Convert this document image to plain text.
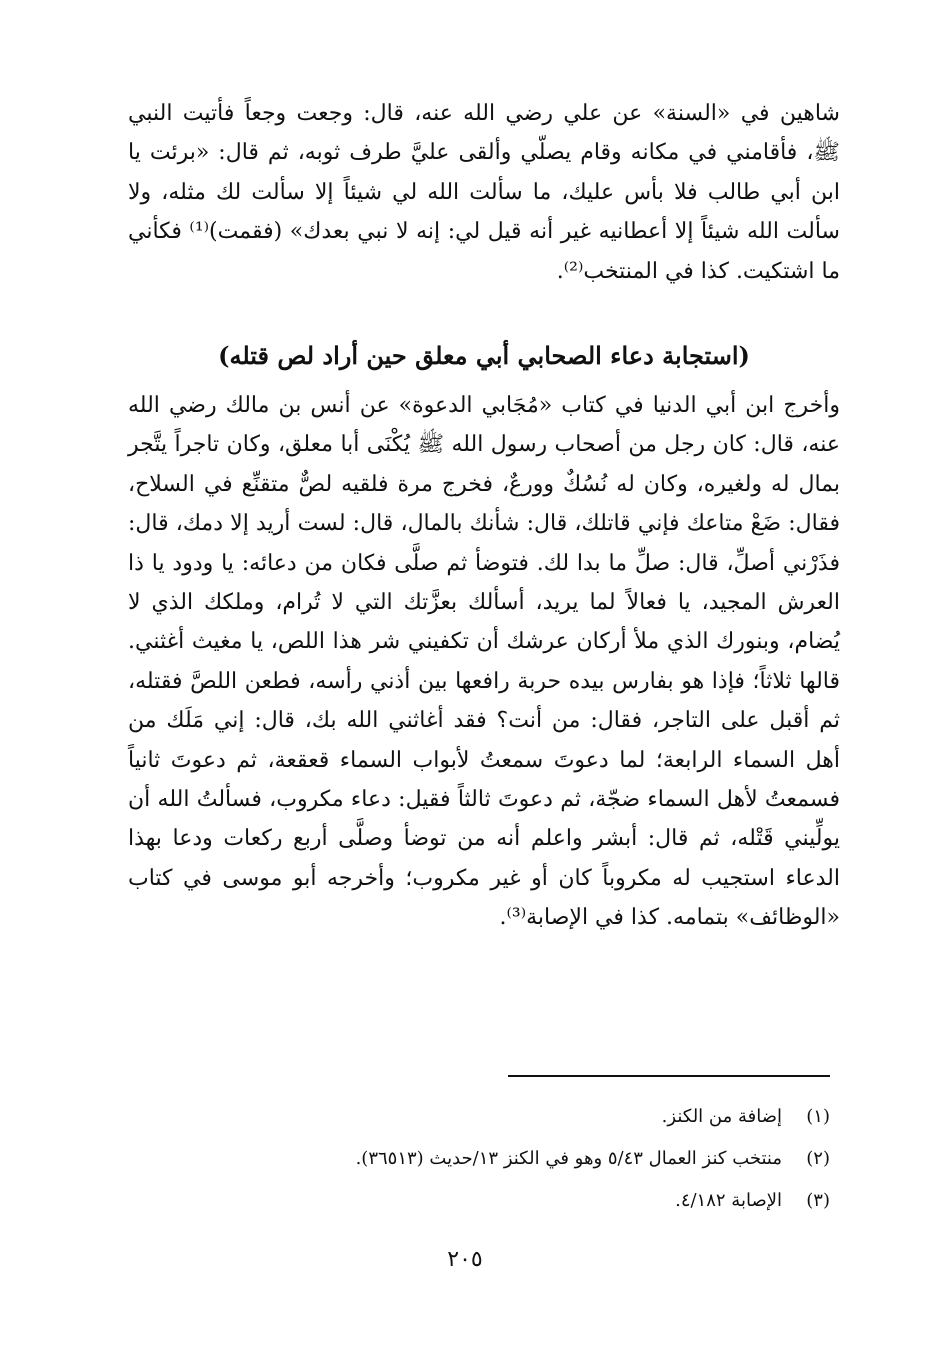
شاهين في «السنة» عن علي رضي الله عنه، قال: وجعت وجعاً فأتيت النبي ﷺ، فأقامني في مكانه وقام يصلّي وألقى عليَّ طرف ثوبه، ثم قال: «برئت يا ابن أبي طالب فلا بأس عليك، ما سألت الله لي شيئاً إلا سألت لك مثله، ولا سألت الله شيئاً إلا أعطانيه غير أنه قيل لي: إنه لا نبي بعدك» (فقمت)⁽¹⁾ فكأني ما اشتكيت. كذا في المنتخب⁽²⁾.

(استجابة دعاء الصحابي أبي معلق حين أراد لص قتله)

وأخرج ابن أبي الدنيا في كتاب «مُجَابي الدعوة» عن أنس بن مالك رضي الله عنه، قال: كان رجل من أصحاب رسول الله ﷺ يُكْنَى أبا معلق، وكان تاجراً يتَّجر بمال له ولغيره، وكان له نُسُكٌ وورعٌ، فخرج مرة فلقيه لصٌّ متقنِّع في السلاح، فقال: ضَعْ متاعك فإني قاتلك، قال: شأنك بالمال، قال: لست أريد إلا دمك، قال: فذَرْني أصلِّ، قال: صلِّ ما بدا لك. فتوضأ ثم صلَّى فكان من دعائه: يا ودود يا ذا العرش المجيد، يا فعالاً لما يريد، أسألك بعزَّتك التي لا تُرام، وملكك الذي لا يُضام، وبنورك الذي ملأ أركان عرشك أن تكفيني شر هذا اللص، يا مغيث أغثني. قالها ثلاثاً؛ فإذا هو بفارس بيده حربة رافعها بين أذني رأسه، فطعن اللصَّ فقتله، ثم أقبل على التاجر، فقال: من أنت؟ فقد أغاثني الله بك، قال: إني مَلَك من أهل السماء الرابعة؛ لما دعوتَ سمعتُ لأبواب السماء قعقعة، ثم دعوتَ ثانياً فسمعتُ لأهل السماء ضجّة، ثم دعوتَ ثالثاً فقيل: دعاء مكروب، فسألتُ الله أن يولِّيني قَتْله، ثم قال: أبشر واعلم أنه من توضأ وصلَّى أربع ركعات ودعا بهذا الدعاء استجيب له مكروباً كان أو غير مكروب؛ وأخرجه أبو موسى في كتاب «الوظائف» بتمامه. كذا في الإصابة⁽³⁾.

(١)إضافة من الكنز.
(٢)منتخب كنز العمال ٥/٤٣ وهو في الكنز ١٣/حديث (٣٦٥١٣).
(٣)الإصابة ٤/١٨٢.
٢٠٥
